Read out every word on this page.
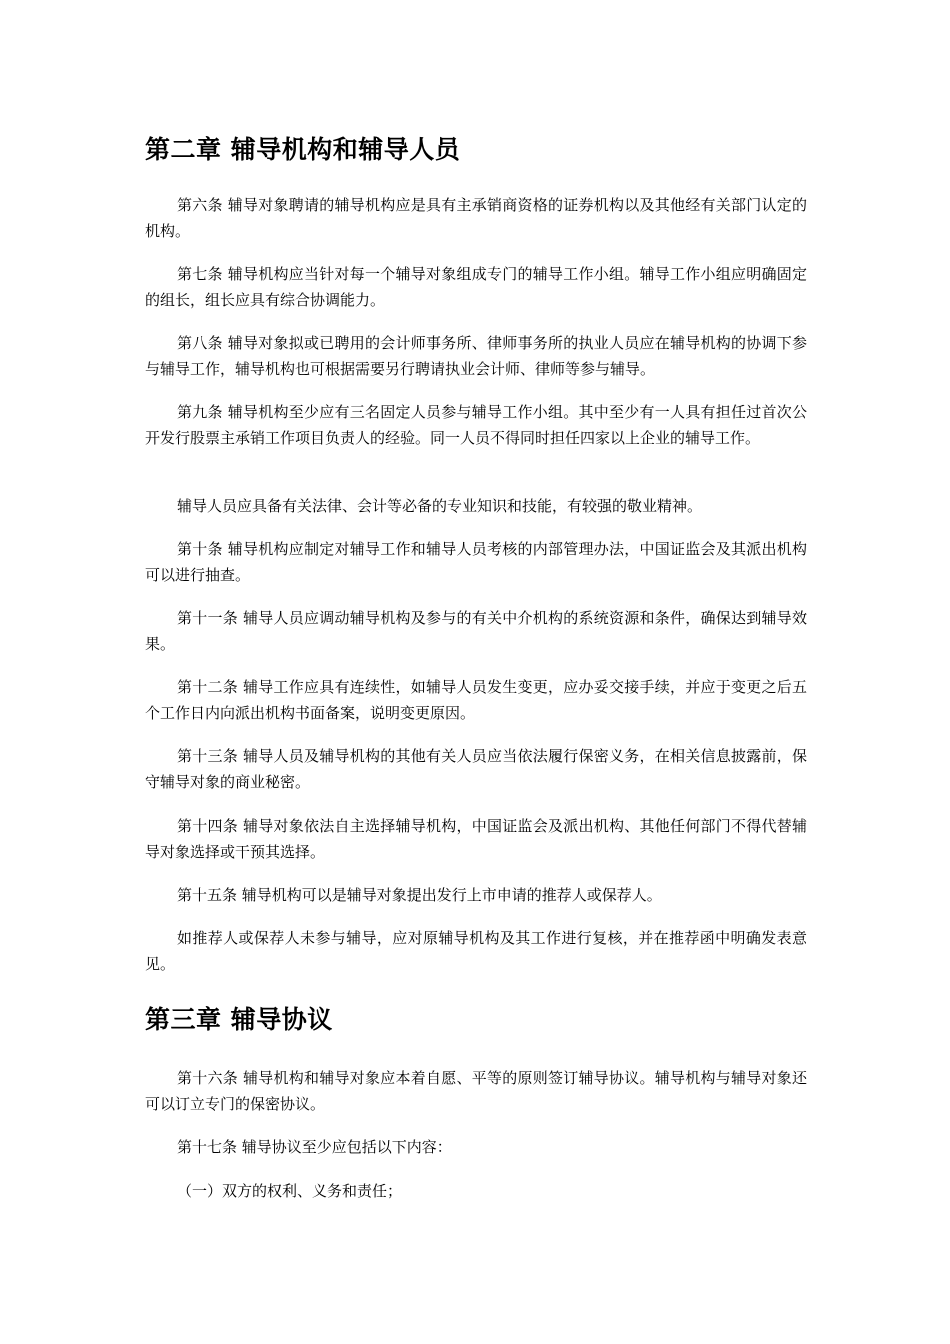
第二章 辅导机构和辅导人员

第六条 辅导对象聘请的辅导机构应是具有主承销商资格的证券机构以及其他经有关部门认定的机构。

第七条 辅导机构应当针对每一个辅导对象组成专门的辅导工作小组。辅导工作小组应明确固定的组长，组长应具有综合协调能力。

第八条 辅导对象拟或已聘用的会计师事务所、律师事务所的执业人员应在辅导机构的协调下参与辅导工作，辅导机构也可根据需要另行聘请执业会计师、律师等参与辅导。

第九条 辅导机构至少应有三名固定人员参与辅导工作小组。其中至少有一人具有担任过首次公开发行股票主承销工作项目负责人的经验。同一人员不得同时担任四家以上企业的辅导工作。

辅导人员应具备有关法律、会计等必备的专业知识和技能，有较强的敬业精神。

第十条 辅导机构应制定对辅导工作和辅导人员考核的内部管理办法，中国证监会及其派出机构可以进行抽查。

第十一条 辅导人员应调动辅导机构及参与的有关中介机构的系统资源和条件，确保达到辅导效果。

第十二条 辅导工作应具有连续性，如辅导人员发生变更，应办妥交接手续，并应于变更之后五个工作日内向派出机构书面备案，说明变更原因。

第十三条 辅导人员及辅导机构的其他有关人员应当依法履行保密义务，在相关信息披露前，保守辅导对象的商业秘密。

第十四条 辅导对象依法自主选择辅导机构，中国证监会及派出机构、其他任何部门不得代替辅导对象选择或干预其选择。

第十五条 辅导机构可以是辅导对象提出发行上市申请的推荐人或保荐人。

如推荐人或保荐人未参与辅导，应对原辅导机构及其工作进行复核，并在推荐函中明确发表意见。

第三章 辅导协议

第十六条 辅导机构和辅导对象应本着自愿、平等的原则签订辅导协议。辅导机构与辅导对象还可以订立专门的保密协议。

第十七条 辅导协议至少应包括以下内容：

（一）双方的权利、义务和责任；
